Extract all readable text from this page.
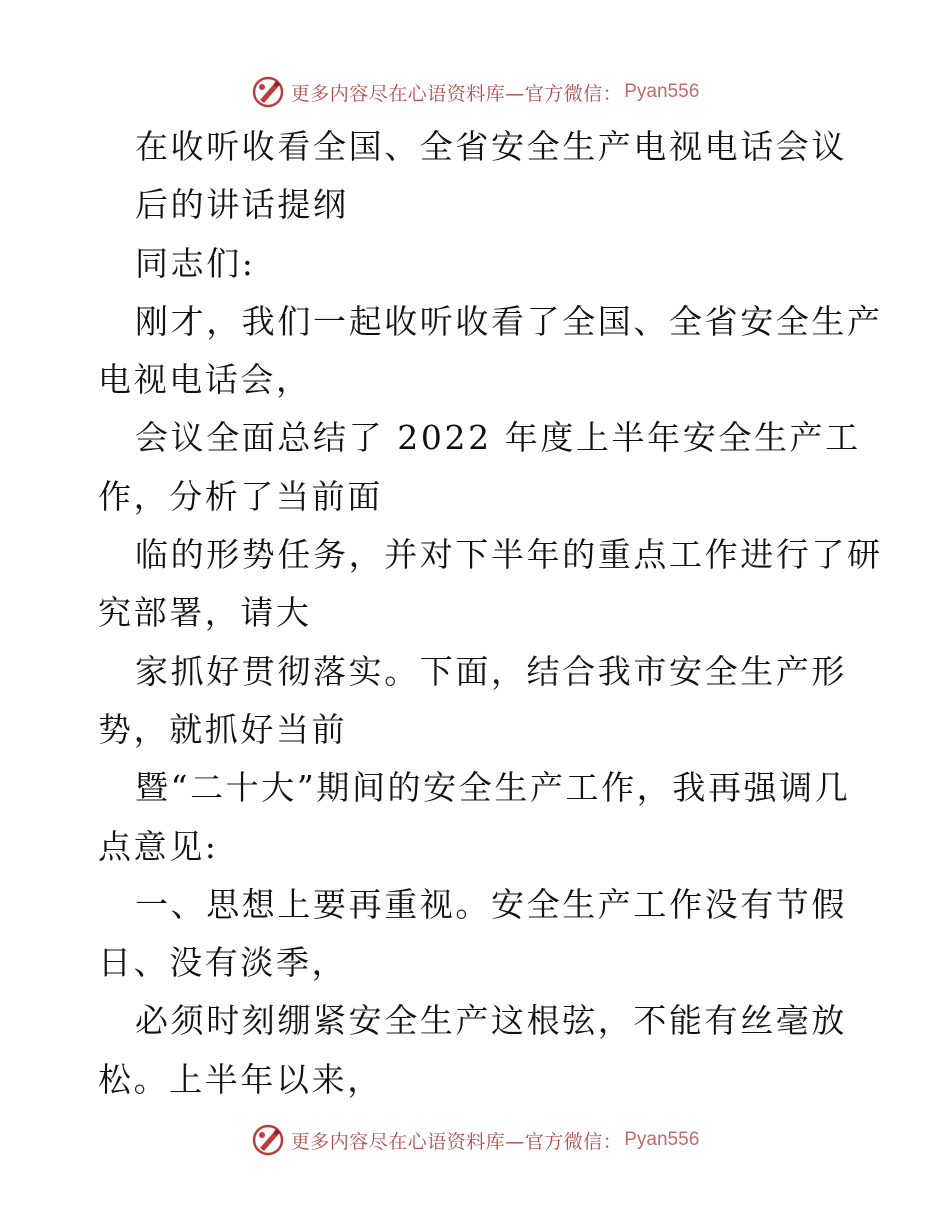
更多内容尽在心语资料库—官方微信： Pyan556
在收听收看全国、全省安全生产电视电话会议
后的讲话提纲
同志们:
刚才，我们一起收听收看了全国、全省安全生产
电视电话会，
会议全面总结了 2022 年度上半年安全生产工
作，分析了当前面
临的形势任务，并对下半年的重点工作进行了研
究部署，请大
家抓好贯彻落实。下面，结合我市安全生产形
势，就抓好当前
暨“二十大”期间的安全生产工作，我再强调几
点意见:
一、思想上要再重视。安全生产工作没有节假
日、没有淡季，
必须时刻绷紧安全生产这根弦，不能有丝毫放
松。上半年以来，
更多内容尽在心语资料库—官方微信： Pyan556
